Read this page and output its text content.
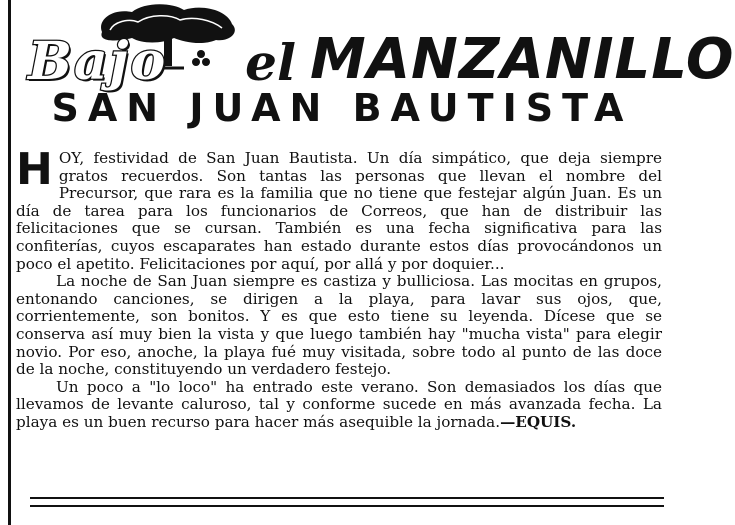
Bajo el MANZANILLO
SAN JUAN BAUTISTA

HOY, festividad de San Juan Bautista. Un día simpático, que deja siempre gratos recuerdos. Son tantas las personas que llevan el nombre del Precursor, que rara es la familia que no tiene que festejar algún Juan. Es un día de tarea para los funcionarios de Correos, que han de distribuir las felicitaciones que se cursan. También es una fecha significativa para las confiterías, cuyos escaparates han estado durante estos días provocándonos un poco el apetito. Felicitaciones por aquí, por allá y por doquier...

La noche de San Juan siempre es castiza y bulliciosa. Las mocitas en grupos, entonando canciones, se dirigen a la playa, para lavar sus ojos, que, corrientemente, son bonitos. Y es que esto tiene su leyenda. Dícese que se conserva así muy bien la vista y que luego también hay "mucha vista" para elegir novio. Por eso, anoche, la playa fué muy visitada, sobre todo al punto de las doce de la noche, constituyendo un verdadero festejo.

Un poco a "lo loco" ha entrado este verano. Son demasiados los días que llevamos de levante caluroso, tal y conforme sucede en más avanzada fecha. La playa es un buen recurso para hacer más asequible la jornada.—EQUIS.
